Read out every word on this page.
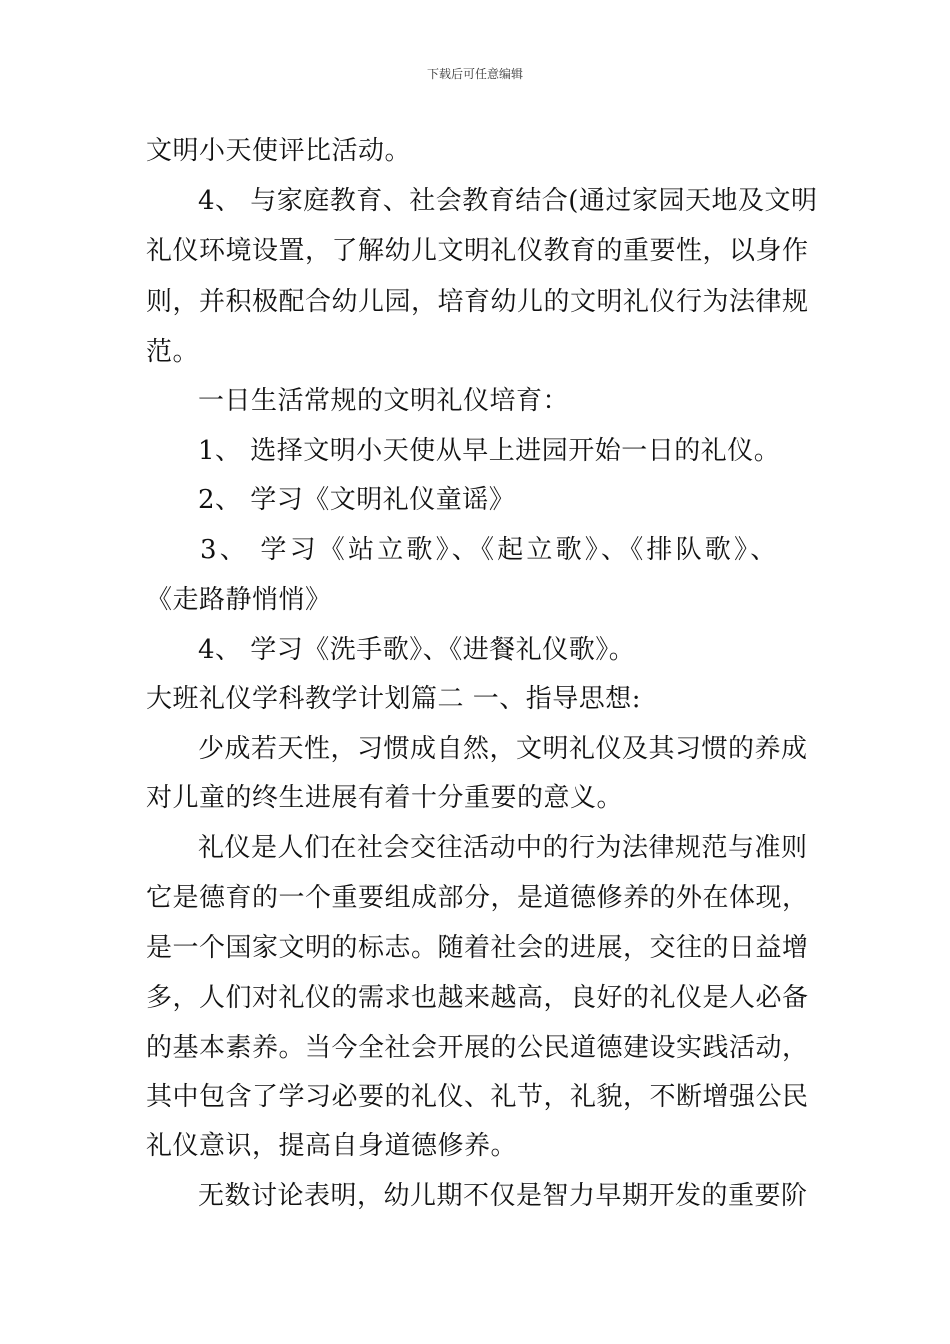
下载后可任意编辑
文明小天使评比活动。
4、 与家庭教育、社会教育结合(通过家园天地及文明
礼仪环境设置，了解幼儿文明礼仪教育的重要性，以身作
则，并积极配合幼儿园，培育幼儿的文明礼仪行为法律规
范。
一日生活常规的文明礼仪培育：
1、 选择文明小天使从早上进园开始一日的礼仪。
2、 学习《文明礼仪童谣》
3、 学习《站立歌》、《起立歌》、《排队歌》、
《走路静悄悄》
4、 学习《洗手歌》、《进餐礼仪歌》。
大班礼仪学科教学计划篇二 一、指导思想:
少成若天性，习惯成自然，文明礼仪及其习惯的养成
对儿童的终生进展有着十分重要的意义。
礼仪是人们在社会交往活动中的行为法律规范与准则
它是德育的一个重要组成部分，是道德修养的外在体现，
是一个国家文明的标志。随着社会的进展，交往的日益增
多，人们对礼仪的需求也越来越高，良好的礼仪是人必备
的基本素养。当今全社会开展的公民道德建设实践活动，
其中包含了学习必要的礼仪、礼节，礼貌，不断增强公民
礼仪意识，提高自身道德修养。
无数讨论表明，幼儿期不仅是智力早期开发的重要阶
